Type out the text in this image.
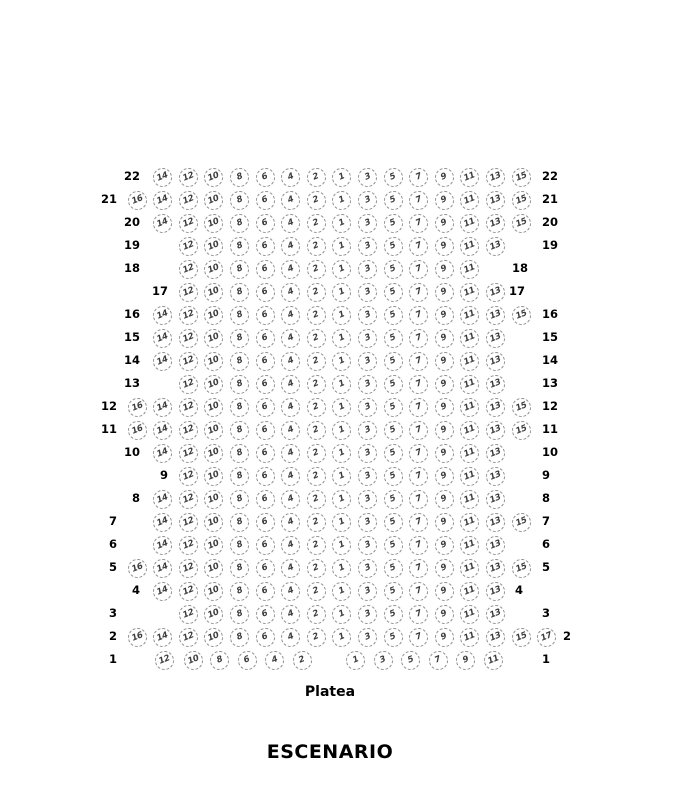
Platea
ESCENARIO
22	22
14 12 10 8 6 4 2 1 3 5 7 9 11 13 15
21	21
16 14 12 10 8 6 4 2 1 3 5 7 9 11 13 15
20	20
14 12 10 8 6 4 2 1 3 5 7 9 11 13 15
19	19
12 10 8 6 4 2 1 3 5 7 9 11 13
18	18
12 10 8 6 4 2 1 3 5 7 9 11
17	17
12 10 8 6 4 2 1 3 5 7 9 11 13
16	16
14 12 10 8 6 4 2 1 3 5 7 9 11 13 15
15	15
14 12 10 8 6 4 2 1 3 5 7 9 11 13
14	14
14 12 10 8 6 4 2 1 3 5 7 9 11 13
13	13
12 10 8 6 4 2 1 3 5 7 9 11 13
12	12
16 14 12 10 8 6 4 2 1 3 5 7 9 11 13 15
11	11
16 14 12 10 8 6 4 2 1 3 5 7 9 11 13 15
10	10
14 12 10 8 6 4 2 1 3 5 7 9 11 13
9	9
12 10 8 6 4 2 1 3 5 7 9 11 13
8	8
14 12 10 8 6 4 2 1 3 5 7 9 11 13
7	7
14 12 10 8 6 4 2 1 3 5 7 9 11 13 15
6	6
14 12 10 8 6 4 2 1 3 5 7 9 11 13
5	5
16 14 12 10 8 6 4 2 1 3 5 7 9 11 13 15
4	4
14 12 10 8 6 4 2 1 3 5 7 9 11 13
3	3
12 10 8 6 4 2 1 3 5 7 9 11 13
2	2
16 14 12 10 8 6 4 2 1 3 5 7 9 11 13 15 17
1	1
12 10 8 6 4 2	1 3 5 7 9 11
